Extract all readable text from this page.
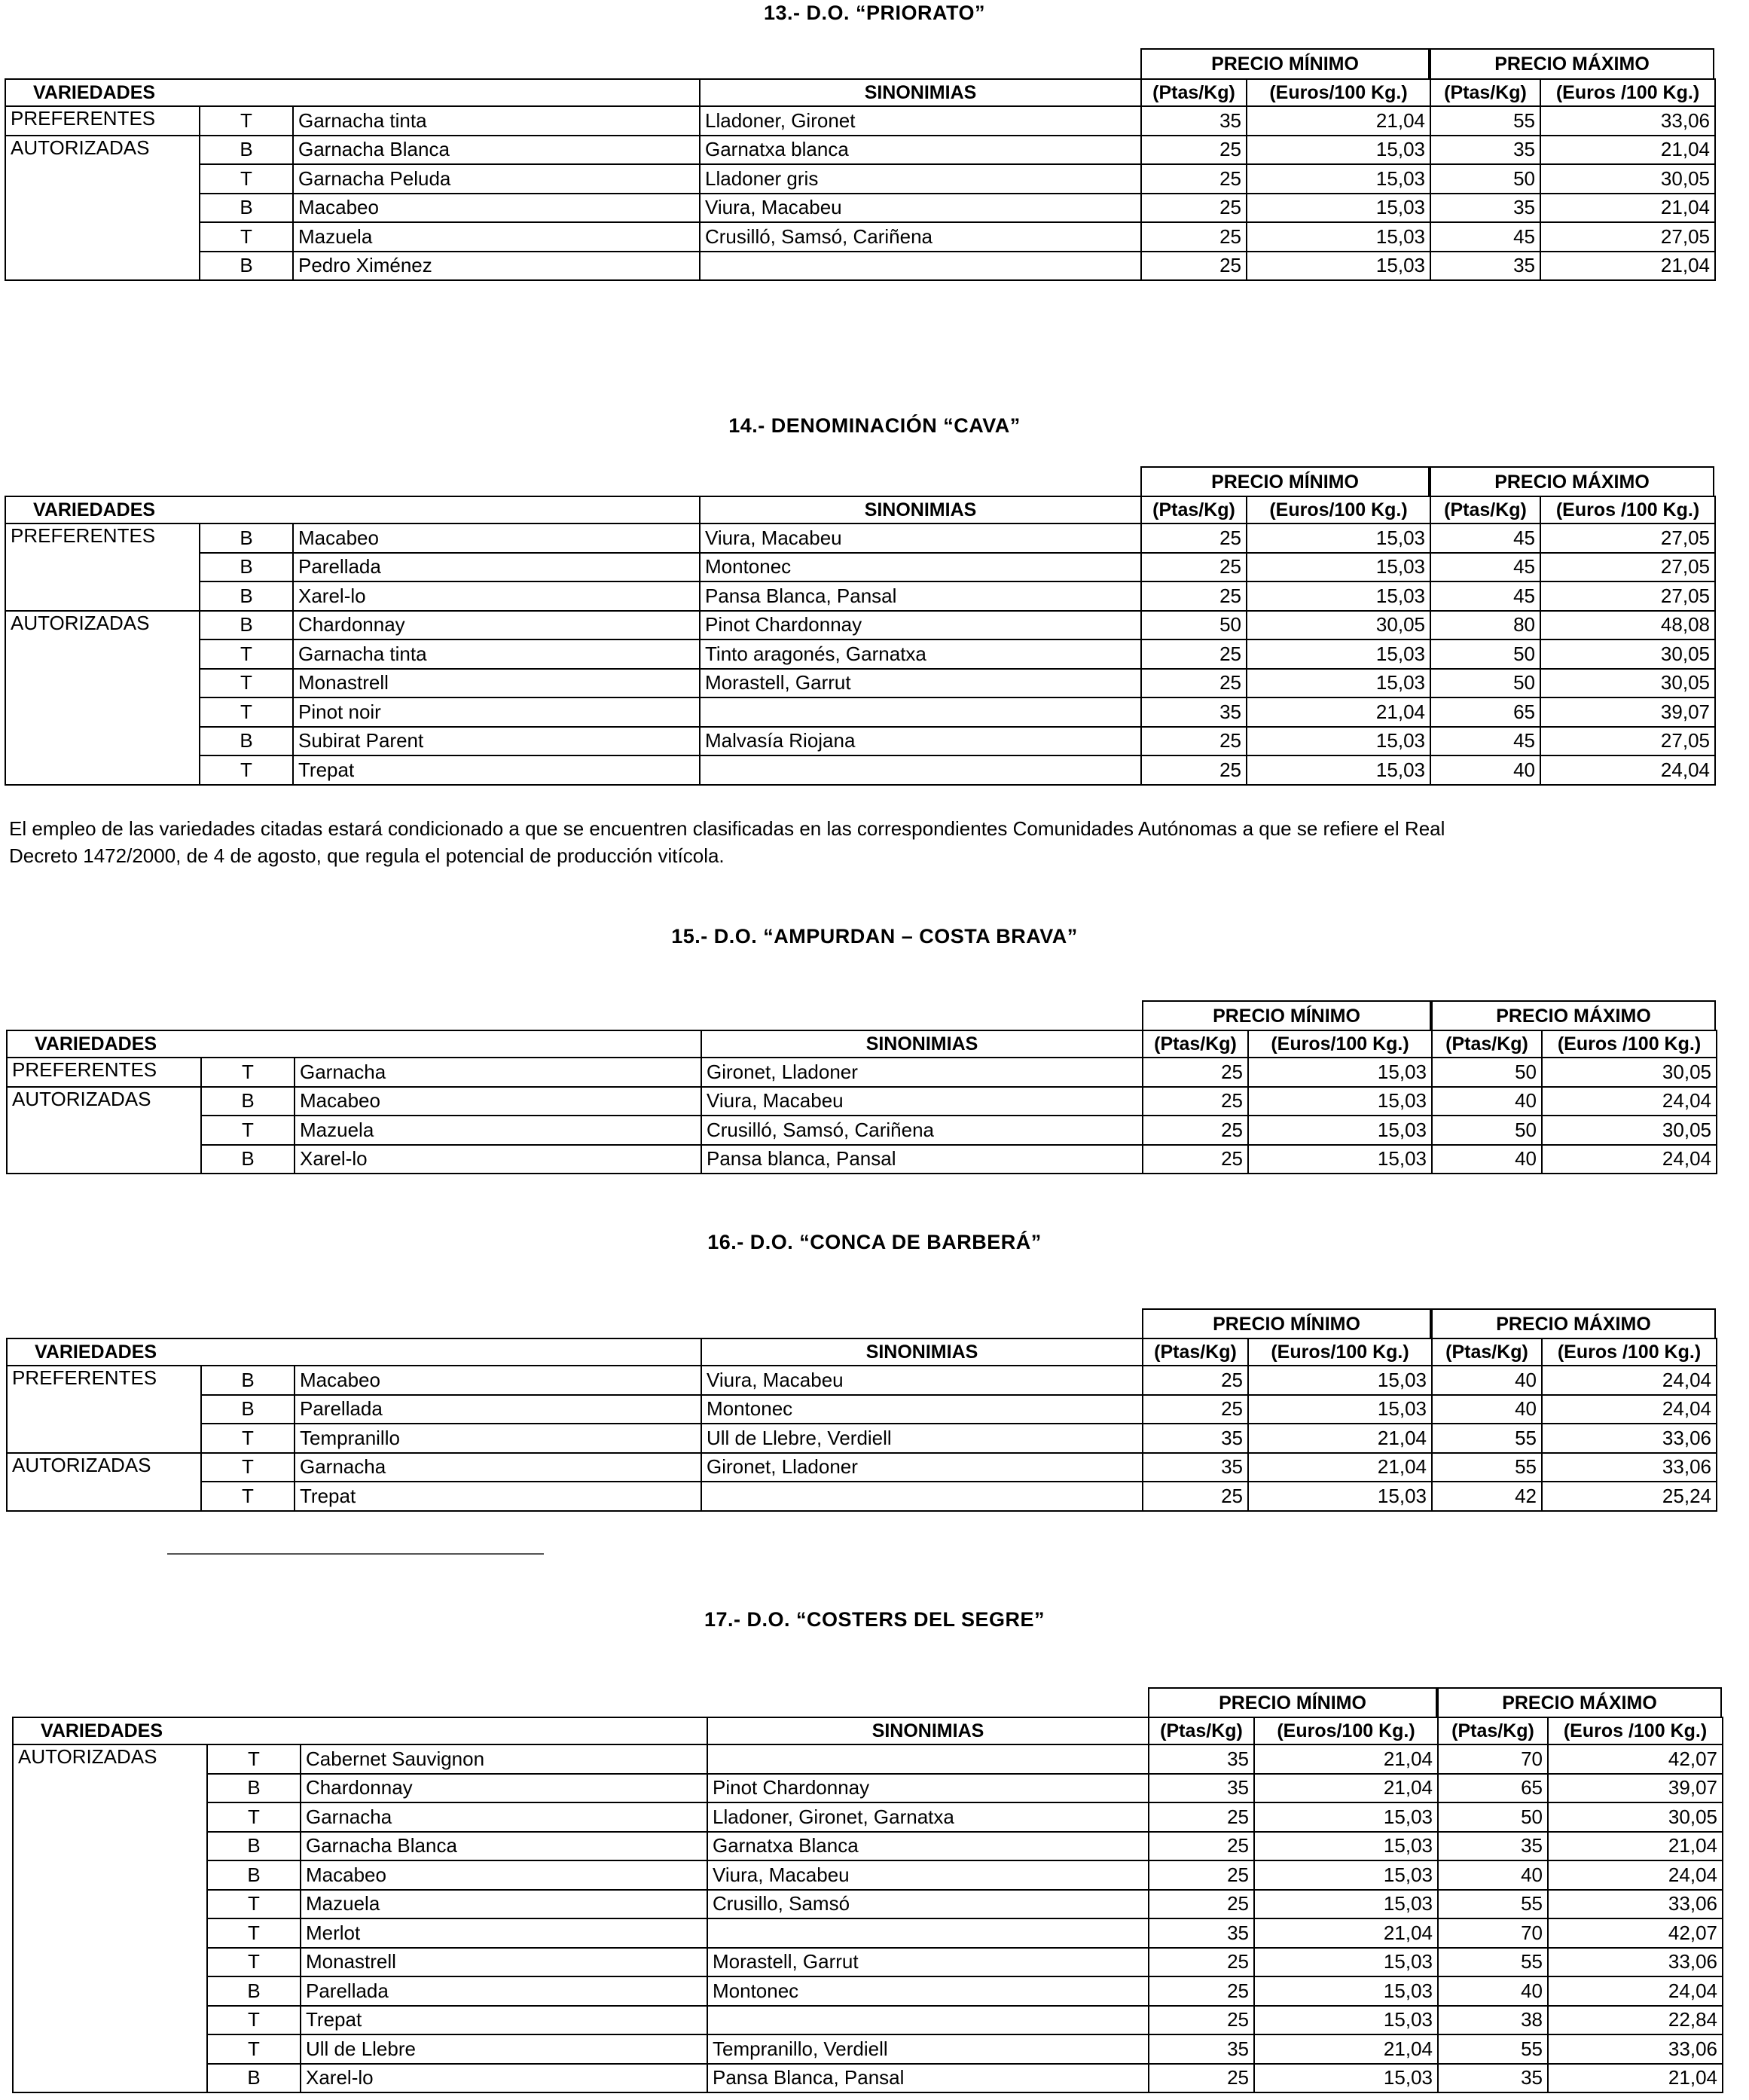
13.- D.O. “PRIORATO”
PRECIO MÍNIMO	PRECIO MÁXIMO
VARIEDADES			SINONIMIAS	(Ptas/Kg)	(Euros/100 Kg.)	(Ptas/Kg)	(Euros /100 Kg.)
PREFERENTES	T	Garnacha tinta	Lladoner, Gironet	35	21,04	55	33,06
AUTORIZADAS	B	Garnacha Blanca	Garnatxa blanca	25	15,03	35	21,04
	T	Garnacha Peluda	Lladoner gris	25	15,03	50	30,05
	B	Macabeo	Viura, Macabeu	25	15,03	35	21,04
	T	Mazuela	Crusilló, Samsó, Cariñena	25	15,03	45	27,05
	B	Pedro Ximénez		25	15,03	35	21,04
14.- DENOMINACIÓN “CAVA”
PRECIO MÍNIMO	PRECIO MÁXIMO
VARIEDADES			SINONIMIAS	(Ptas/Kg)	(Euros/100 Kg.)	(Ptas/Kg)	(Euros /100 Kg.)
PREFERENTES	B	Macabeo	Viura, Macabeu	25	15,03	45	27,05
	B	Parellada	Montonec	25	15,03	45	27,05
	B	Xarel-lo	Pansa Blanca, Pansal	25	15,03	45	27,05
AUTORIZADAS	B	Chardonnay	Pinot Chardonnay	50	30,05	80	48,08
	T	Garnacha tinta	Tinto aragonés, Garnatxa	25	15,03	50	30,05
	T	Monastrell	Morastell, Garrut	25	15,03	50	30,05
	T	Pinot noir		35	21,04	65	39,07
	B	Subirat Parent	Malvasía Riojana	25	15,03	45	27,05
	T	Trepat		25	15,03	40	24,04
El empleo de las variedades citadas estará condicionado a que se encuentren clasificadas en las correspondientes Comunidades Autónomas a que se refiere el Real
Decreto 1472/2000, de 4 de agosto, que regula el potencial de producción vitícola.
15.- D.O. “AMPURDAN – COSTA BRAVA”
PRECIO MÍNIMO	PRECIO MÁXIMO
VARIEDADES			SINONIMIAS	(Ptas/Kg)	(Euros/100 Kg.)	(Ptas/Kg)	(Euros /100 Kg.)
PREFERENTES	T	Garnacha	Gironet, Lladoner	25	15,03	50	30,05
AUTORIZADAS	B	Macabeo	Viura, Macabeu	25	15,03	40	24,04
	T	Mazuela	Crusilló, Samsó, Cariñena	25	15,03	50	30,05
	B	Xarel-lo	Pansa blanca, Pansal	25	15,03	40	24,04
16.- D.O. “CONCA DE BARBERÁ”
PRECIO MÍNIMO	PRECIO MÁXIMO
VARIEDADES			SINONIMIAS	(Ptas/Kg)	(Euros/100 Kg.)	(Ptas/Kg)	(Euros /100 Kg.)
PREFERENTES	B	Macabeo	Viura, Macabeu	25	15,03	40	24,04
	B	Parellada	Montonec	25	15,03	40	24,04
	T	Tempranillo	Ull de Llebre, Verdiell	35	21,04	55	33,06
AUTORIZADAS	T	Garnacha	Gironet, Lladoner	35	21,04	55	33,06
	T	Trepat		25	15,03	42	25,24
17.- D.O. “COSTERS DEL SEGRE”
PRECIO MÍNIMO	PRECIO MÁXIMO
VARIEDADES			SINONIMIAS	(Ptas/Kg)	(Euros/100 Kg.)	(Ptas/Kg)	(Euros /100 Kg.)
AUTORIZADAS	T	Cabernet Sauvignon		35	21,04	70	42,07
	B	Chardonnay	Pinot Chardonnay	35	21,04	65	39,07
	T	Garnacha	Lladoner, Gironet, Garnatxa	25	15,03	50	30,05
	B	Garnacha Blanca	Garnatxa Blanca	25	15,03	35	21,04
	B	Macabeo	Viura, Macabeu	25	15,03	40	24,04
	T	Mazuela	Crusillo, Samsó	25	15,03	55	33,06
	T	Merlot		35	21,04	70	42,07
	T	Monastrell	Morastell, Garrut	25	15,03	55	33,06
	B	Parellada	Montonec	25	15,03	40	24,04
	T	Trepat		25	15,03	38	22,84
	T	Ull de Llebre	Tempranillo, Verdiell	35	21,04	55	33,06
	B	Xarel-lo	Pansa Blanca, Pansal	25	15,03	35	21,04
